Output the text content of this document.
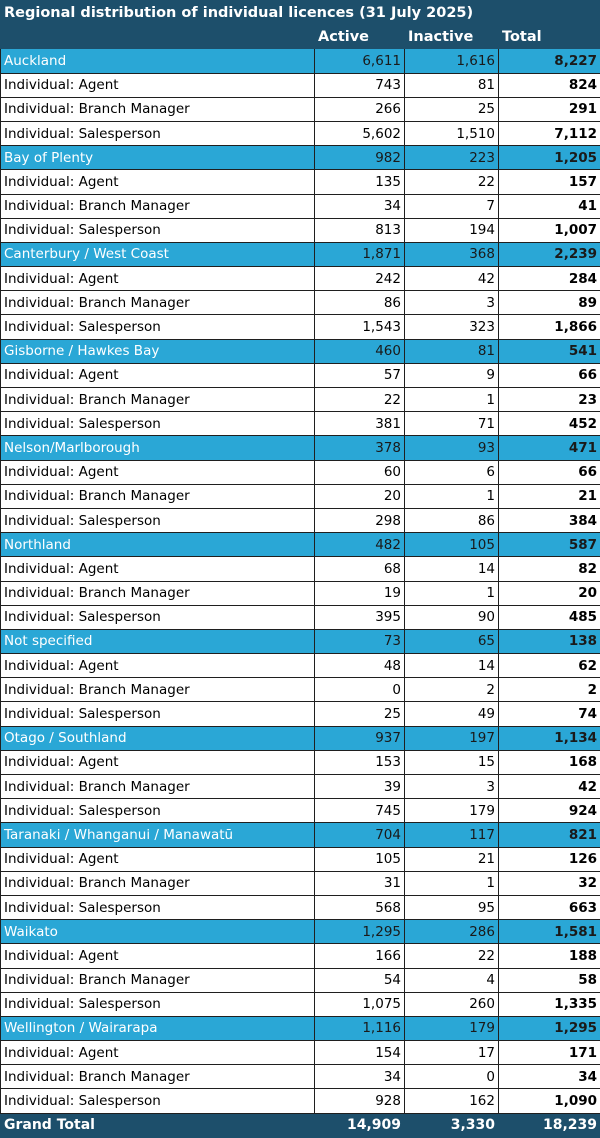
Regional distribution of individual licences (31 July 2025)			
	Active	Inactive	Total
Auckland	6,611	1,616	8,227
Individual: Agent	743	81	824
Individual: Branch Manager	266	25	291
Individual: Salesperson	5,602	1,510	7,112
Bay of Plenty	982	223	1,205
Individual: Agent	135	22	157
Individual: Branch Manager	34	7	41
Individual: Salesperson	813	194	1,007
Canterbury / West Coast	1,871	368	2,239
Individual: Agent	242	42	284
Individual: Branch Manager	86	3	89
Individual: Salesperson	1,543	323	1,866
Gisborne / Hawkes Bay	460	81	541
Individual: Agent	57	9	66
Individual: Branch Manager	22	1	23
Individual: Salesperson	381	71	452
Nelson/Marlborough	378	93	471
Individual: Agent	60	6	66
Individual: Branch Manager	20	1	21
Individual: Salesperson	298	86	384
Northland	482	105	587
Individual: Agent	68	14	82
Individual: Branch Manager	19	1	20
Individual: Salesperson	395	90	485
Not specified	73	65	138
Individual: Agent	48	14	62
Individual: Branch Manager	0	2	2
Individual: Salesperson	25	49	74
Otago / Southland	937	197	1,134
Individual: Agent	153	15	168
Individual: Branch Manager	39	3	42
Individual: Salesperson	745	179	924
Taranaki / Whanganui / Manawatū	704	117	821
Individual: Agent	105	21	126
Individual: Branch Manager	31	1	32
Individual: Salesperson	568	95	663
Waikato	1,295	286	1,581
Individual: Agent	166	22	188
Individual: Branch Manager	54	4	58
Individual: Salesperson	1,075	260	1,335
Wellington / Wairarapa	1,116	179	1,295
Individual: Agent	154	17	171
Individual: Branch Manager	34	0	34
Individual: Salesperson	928	162	1,090
Grand Total	14,909	3,330	18,239
